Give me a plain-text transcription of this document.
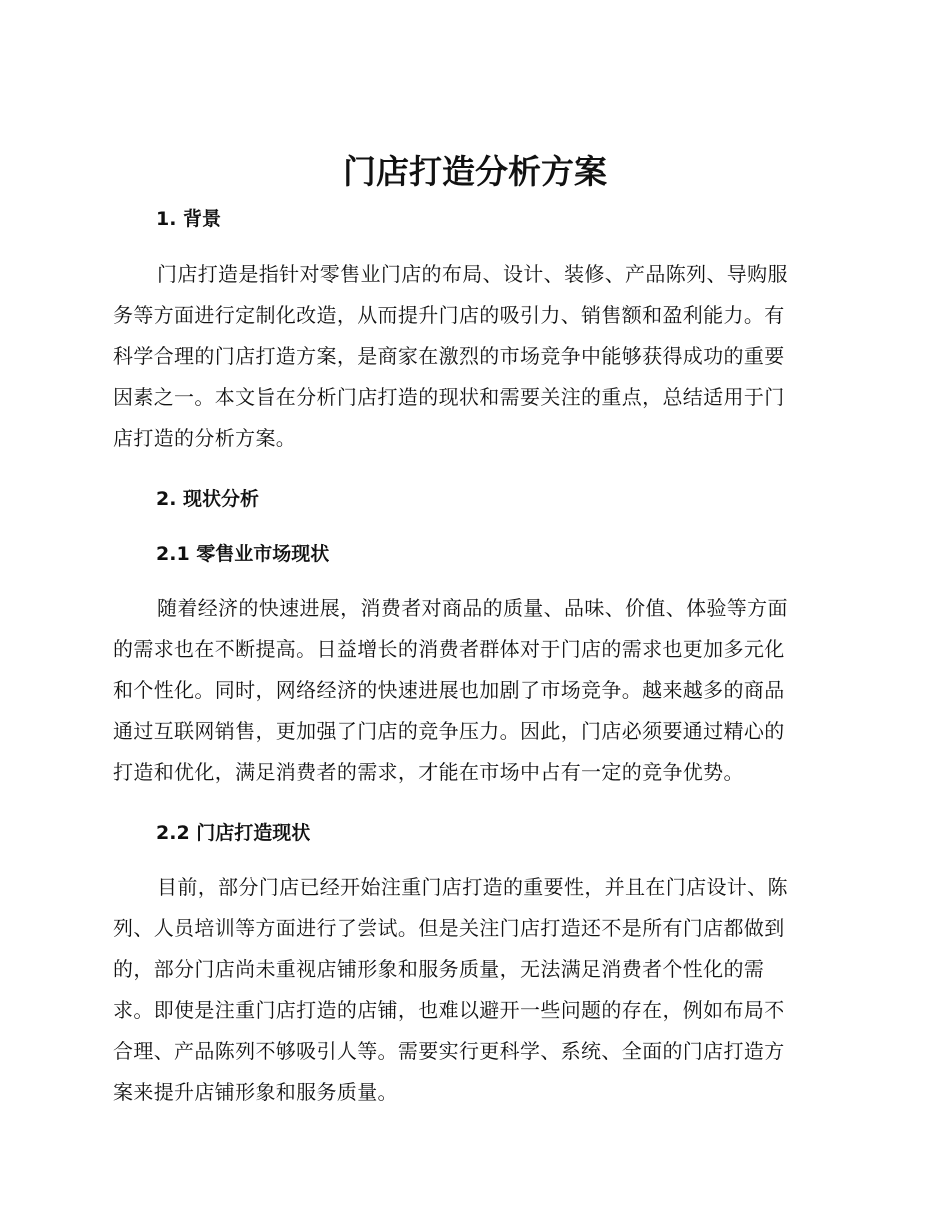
门店打造分析方案
1. 背景
门店打造是指针对零售业门店的布局、设计、装修、产品陈列、导购服
务等方面进行定制化改造，从而提升门店的吸引力、销售额和盈利能力。有
科学合理的门店打造方案，是商家在激烈的市场竞争中能够获得成功的重要
因素之一。本文旨在分析门店打造的现状和需要关注的重点，总结适用于门
店打造的分析方案。
2. 现状分析
2.1 零售业市场现状
随着经济的快速进展，消费者对商品的质量、品味、价值、体验等方面
的需求也在不断提高。日益增长的消费者群体对于门店的需求也更加多元化
和个性化。同时，网络经济的快速进展也加剧了市场竞争。越来越多的商品
通过互联网销售，更加强了门店的竞争压力。因此，门店必须要通过精心的
打造和优化，满足消费者的需求，才能在市场中占有一定的竞争优势。
2.2 门店打造现状
目前，部分门店已经开始注重门店打造的重要性，并且在门店设计、陈
列、人员培训等方面进行了尝试。但是关注门店打造还不是所有门店都做到
的，部分门店尚未重视店铺形象和服务质量，无法满足消费者个性化的需
求。即使是注重门店打造的店铺，也难以避开一些问题的存在，例如布局不
合理、产品陈列不够吸引人等。需要实行更科学、系统、全面的门店打造方
案来提升店铺形象和服务质量。
